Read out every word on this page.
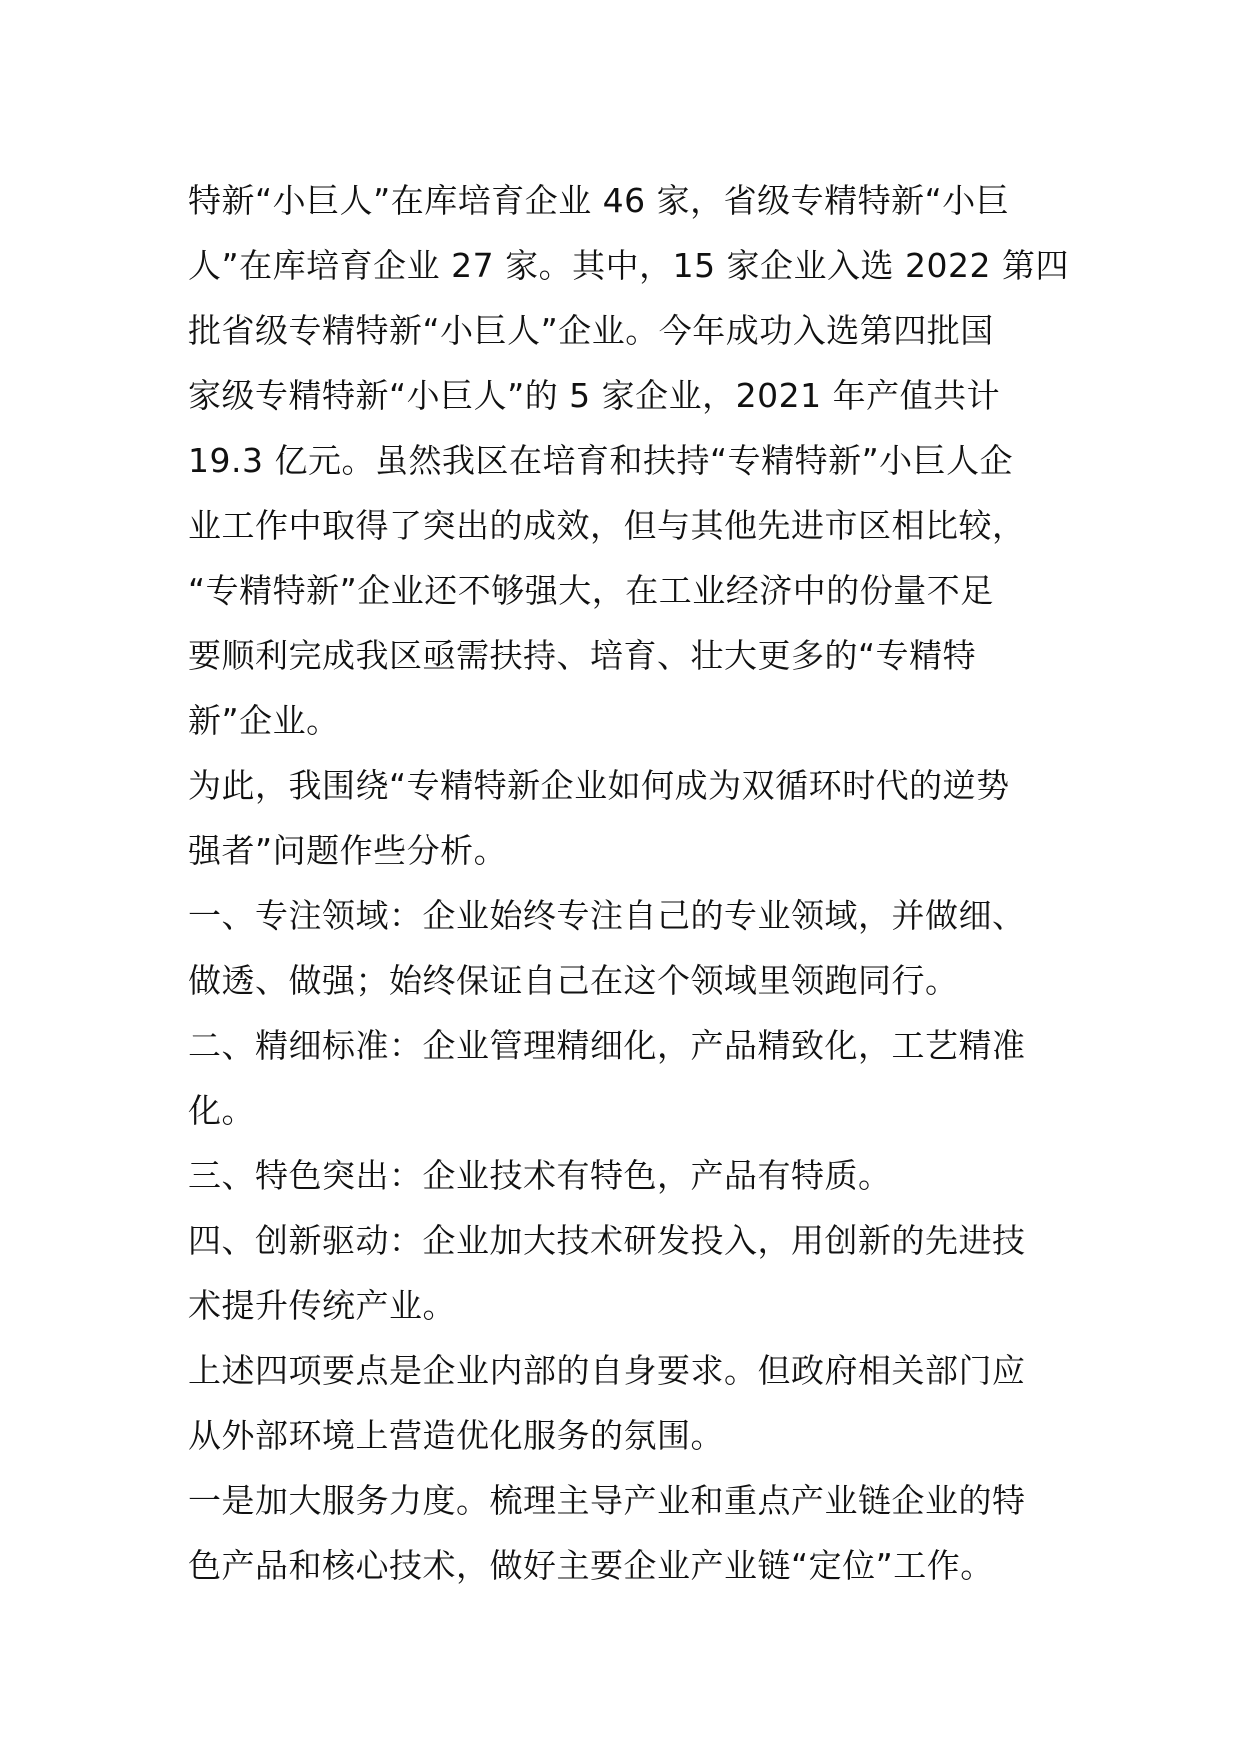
特新“小巨人”在库培育企业 46 家，省级专精特新“小巨
人”在库培育企业 27 家。其中，15 家企业入选 2022 第四
批省级专精特新“小巨人”企业。今年成功入选第四批国
家级专精特新“小巨人”的 5 家企业，2021 年产值共计
19.3 亿元。虽然我区在培育和扶持“专精特新”小巨人企
业工作中取得了突出的成效，但与其他先进市区相比较，
“专精特新”企业还不够强大，在工业经济中的份量不足
要顺利完成我区亟需扶持、培育、壮大更多的“专精特
新”企业。
为此，我围绕“专精特新企业如何成为双循环时代的逆势
强者”问题作些分析。
一、专注领域：企业始终专注自己的专业领域，并做细、
做透、做强；始终保证自己在这个领域里领跑同行。
二、精细标准：企业管理精细化，产品精致化，工艺精准
化。
三、特色突出：企业技术有特色，产品有特质。
四、创新驱动：企业加大技术研发投入，用创新的先进技
术提升传统产业。
上述四项要点是企业内部的自身要求。但政府相关部门应
从外部环境上营造优化服务的氛围。
一是加大服务力度。梳理主导产业和重点产业链企业的特
色产品和核心技术，做好主要企业产业链“定位”工作。
